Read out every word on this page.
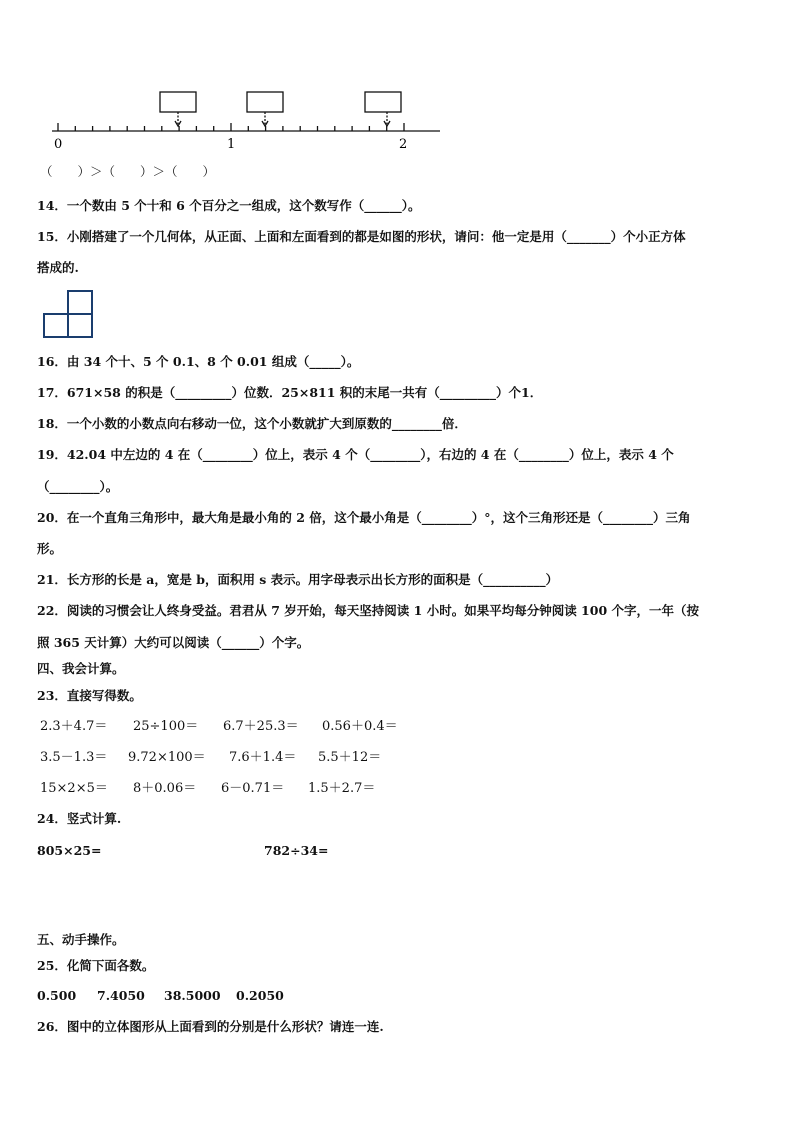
0	1	2
（　　）＞（　　）＞（　　）
14．一个数由 5 个十和 6 个百分之一组成，这个数写作（______）。
15．小刚搭建了一个几何体，从正面、上面和左面看到的都是如图的形状，请问：他一定是用（_______）个小正方体
搭成的.
16．由 34 个十、5 个 0.1、8 个 0.01 组成（_____）。
17．671×58 的积是（_________）位数．25×811 积的末尾一共有（_________）个1．
18．一个小数的小数点向右移动一位，这个小数就扩大到原数的________倍．
19．42.04 中左边的 4 在（________）位上，表示 4 个（________），右边的 4 在（________）位上，表示 4 个
（________）。
20．在一个直角三角形中，最大角是最小角的 2 倍，这个最小角是（________）°，这个三角形还是（________）三角
形。
21．长方形的长是 a，宽是 b，面积用 s 表示。用字母表示出长方形的面积是（__________）
22．阅读的习惯会让人终身受益。君君从 7 岁开始，每天坚持阅读 1 小时。如果平均每分钟阅读 100 个字，一年（按
照 365 天计算）大约可以阅读（______）个字。
四、我会计算。
23．直接写得数。
2.3＋4.7＝ 25÷100＝ 6.7＋25.3＝ 0.56＋0.4＝
3.5－1.3＝ 9.72×100＝ 7.6＋1.4＝ 5.5＋12＝
15×2×5＝ 8＋0.06＝ 6－0.71＝ 1.5＋2.7＝
24．竖式计算.
805×25=	782÷34=
五、动手操作。
25．化简下面各数。
0.500 7.4050 38.5000 0.2050
26．图中的立体图形从上面看到的分别是什么形状？请连一连.
